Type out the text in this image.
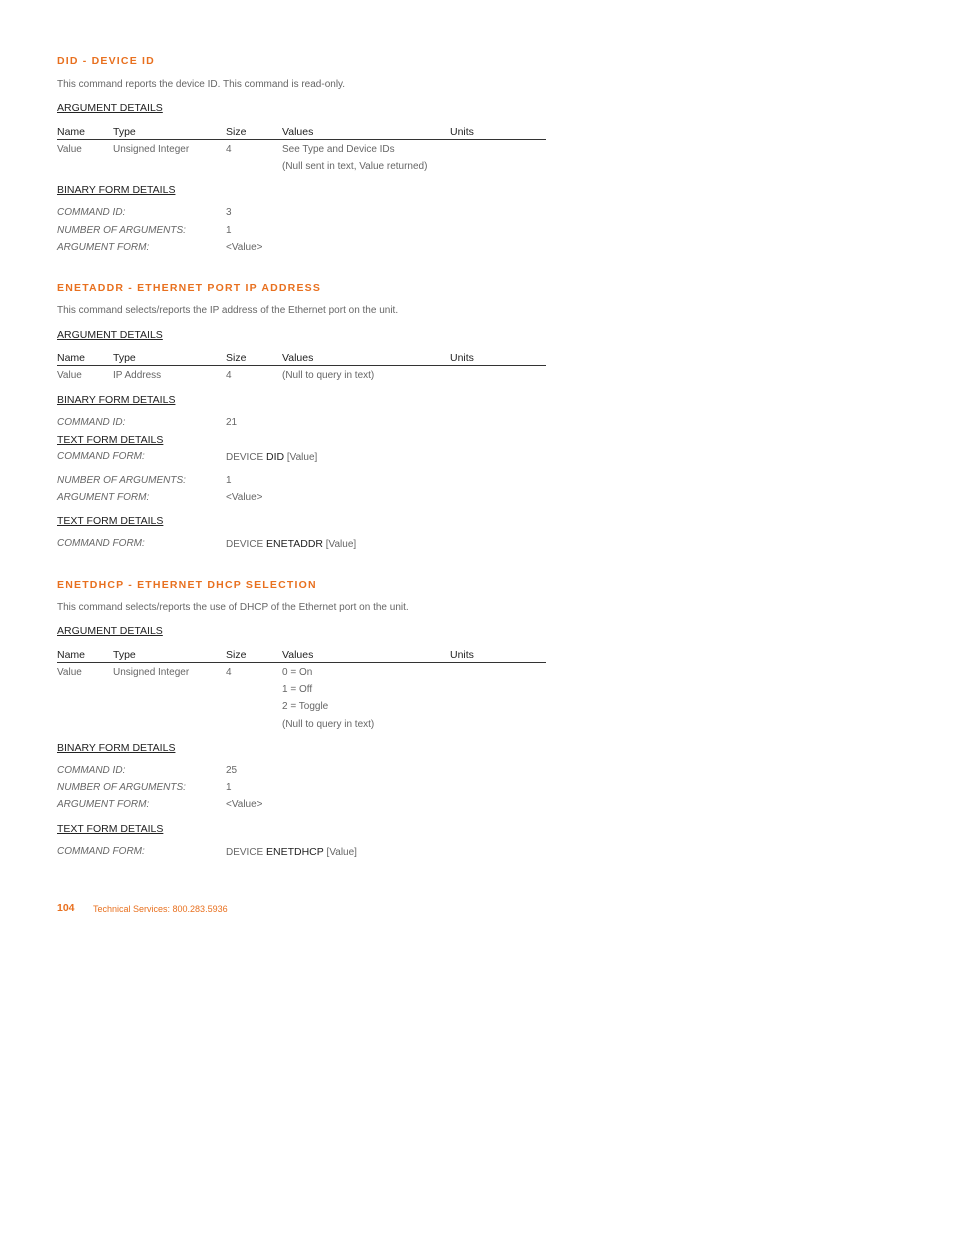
DID - DEVICE ID
This command reports the device ID. This command is read-only.
ARGUMENT DETAILS
Name	Type	Size	Values	Units
Value	Unsigned Integer	4	See Type and Device IDs
(Null sent in text, Value returned)
BINARY FORM DETAILS
COMMAND ID:	3
NUMBER OF ARGUMENTS:	1
ARGUMENT FORM:	<Value>
ENETADDR - ETHERNET PORT IP ADDRESS
This command selects/reports the IP address of the Ethernet port on the unit.
ARGUMENT DETAILS
Name	Type	Size	Values	Units
Value	IP Address	4	(Null to query in text)
BINARY FORM DETAILS
COMMAND ID:	21
TEXT FORM DETAILS
COMMAND FORM:	DEVICE DID [Value]
NUMBER OF ARGUMENTS:	1
ARGUMENT FORM:	<Value>
TEXT FORM DETAILS
COMMAND FORM:	DEVICE ENETADDR [Value]
ENETDHCP - ETHERNET DHCP SELECTION
This command selects/reports the use of DHCP of the Ethernet port on the unit.
ARGUMENT DETAILS
Name	Type	Size	Values	Units
Value	Unsigned Integer	4	0 = On
1 = Off
2 = Toggle
(Null to query in text)
BINARY FORM DETAILS
COMMAND ID:	25
NUMBER OF ARGUMENTS:	1
ARGUMENT FORM:	<Value>
TEXT FORM DETAILS
COMMAND FORM:	DEVICE ENETDHCP [Value]
104 Technical Services: 800.283.5936
